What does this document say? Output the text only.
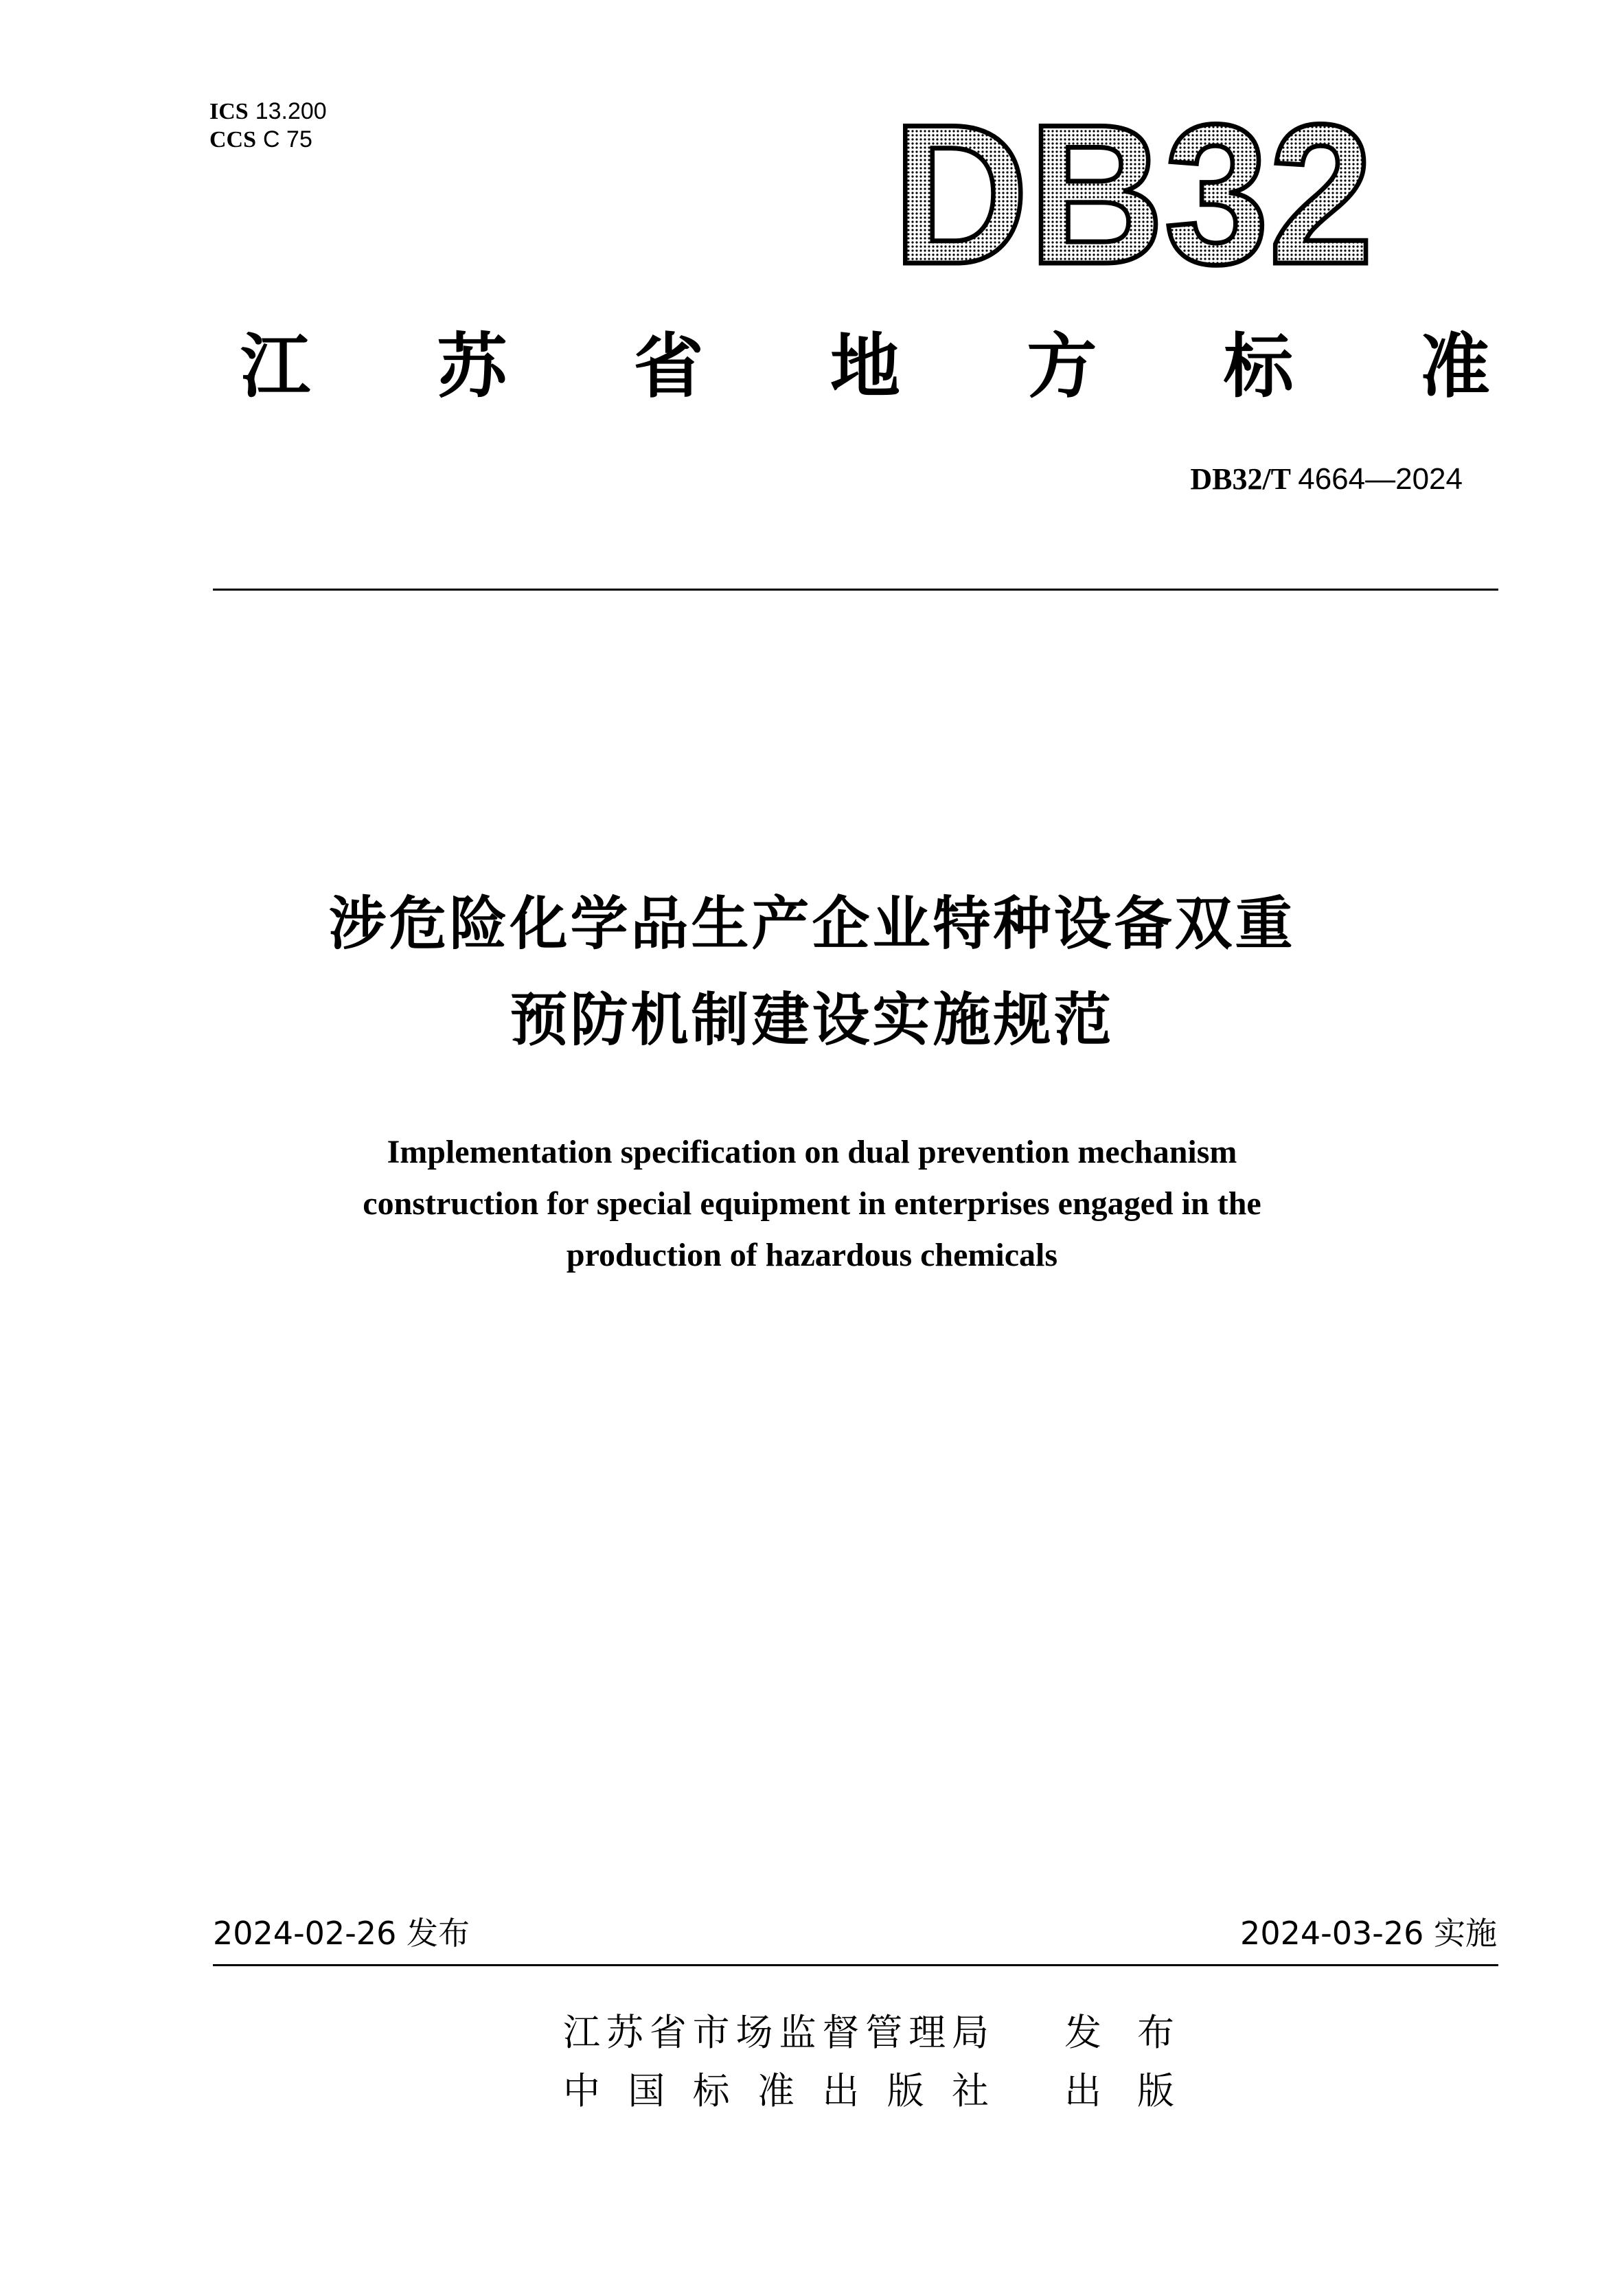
ICS 13.200
CCS C 75	DB32
江 苏 省 地 方 标 准
DB32/T 4664—2024
涉危险化学品生产企业特种设备双重
预防机制建设实施规范
Implementation specification on dual prevention mechanism
construction for special equipment in enterprises engaged in the
production of hazardous chemicals
2024-02-26 发布	2024-03-26 实施
江苏省市场监督管理局 发 布
中国标准出版社 出 版
